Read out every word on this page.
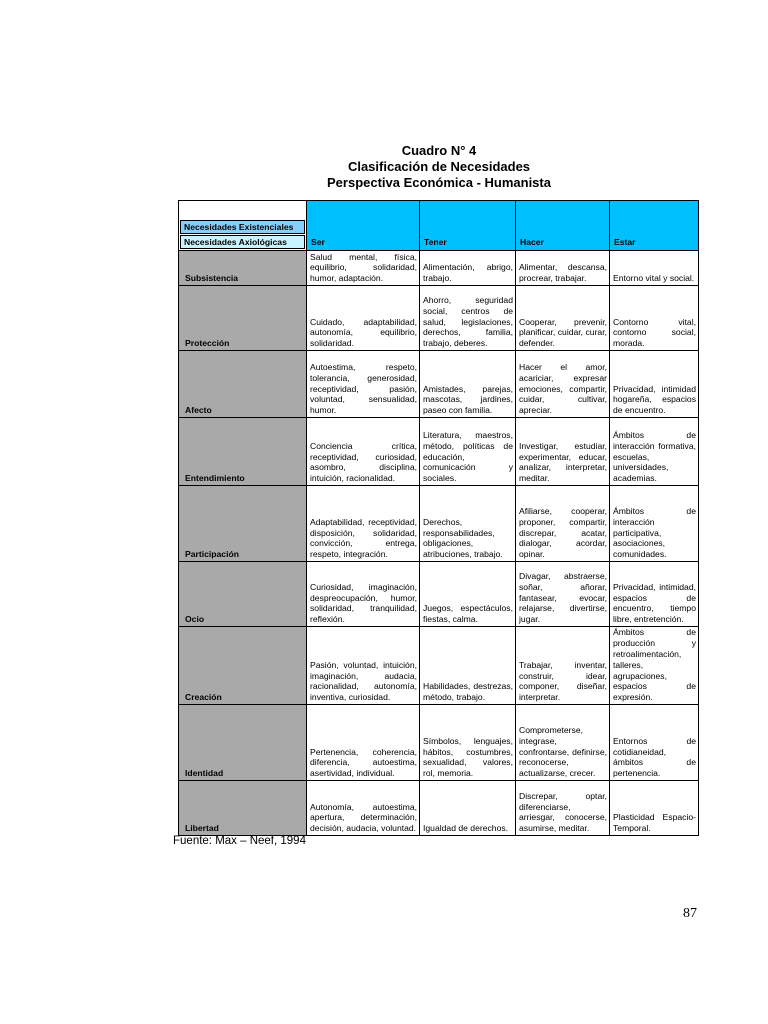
Cuadro N° 4
Clasificación de Necesidades
Perspectiva Económica - Humanista
Necesidades Existenciales
Necesidades Axiológicas	Ser	Tener	Hacer	Estar
Subsistencia	Salud mental, física, equilibrio, solidaridad, humor, adaptación.	Alimentación, abrigo, trabajo.	Alimentar, descansa, procrear, trabajar.	Entorno vital y social.
Protección	Cuidado, adaptabilidad, autonomía, equilibrio, solidaridad.	Ahorro, seguridad social, centros de salud, legislaciones, derechos, familia, trabajo, deberes.	Cooperar, prevenir, planificar, cuidar, curar, defender.	Contorno vital, contorno social, morada.
Afecto	Autoestima, respeto, tolerancia, generosidad, receptividad, pasión, voluntad, sensualidad, humor.	Amistades, parejas, mascotas, jardines, paseo con familia.	Hacer el amor, acariciar, expresar emociones, compartir, cuidar, cultivar, apreciar.	Privacidad, intimidad hogareña, espacios de encuentro.
Entendimiento	Conciencia crítica, receptividad, curiosidad, asombro, disciplina, intuición, racionalidad.	Literatura, maestros, método, políticas de educación, comunicación y sociales.	Investigar, estudiar, experimentar, educar, analizar, interpretar, meditar.	Ámbitos de interacción formativa, escuelas, universidades, academias.
Participación	Adaptabilidad, receptividad, disposición, solidaridad, convicción, entrega, respeto, integración.	Derechos, responsabilidades, obligaciones, atribuciones, trabajo.	Afiliarse, cooperar, proponer, compartir, discrepar, acatar, dialogar, acordar, opinar.	Ámbitos de interacción participativa, asociaciones, comunidades.
Ocio	Curiosidad, imaginación, despreocupación, humor, solidaridad, tranquilidad, reflexión.	Juegos, espectáculos, fiestas, calma.	Divagar, abstraerse, soñar, añorar, fantasear, evocar, relajarse, divertirse, jugar.	Privacidad, intimidad, espacios de encuentro, tiempo libre, entretención.
Creación	Pasión, voluntad, intuición, imaginación, audacia, racionalidad, autonomía, inventiva, curiosidad.	Habilidades, destrezas, método, trabajo.	Trabajar, inventar, construir, idear, componer, diseñar, interpretar.	Ámbitos de producción y retroalimentación, talleres, agrupaciones, espacios de expresión.
Identidad	Pertenencia, coherencia, diferencia, autoestima, asertividad, individual.	Símbolos, lenguajes, hábitos, costumbres, sexualidad, valores, rol, memoria.	Comprometerse, integrase, confrontarse, definirse, reconocerse, actualizarse, crecer.	Entornos de cotidianeidad, ámbitos de pertenencia.
Libertad	Autonomía, autoestima, apertura, determinación, decisión, audacia, voluntad.	Igualdad de derechos.	Discrepar, optar, diferenciarse, arriesgar, conocerse, asumirse, meditar.	Plasticidad Espacio-Temporal.
Fuente: Max – Neef, 1994
87
